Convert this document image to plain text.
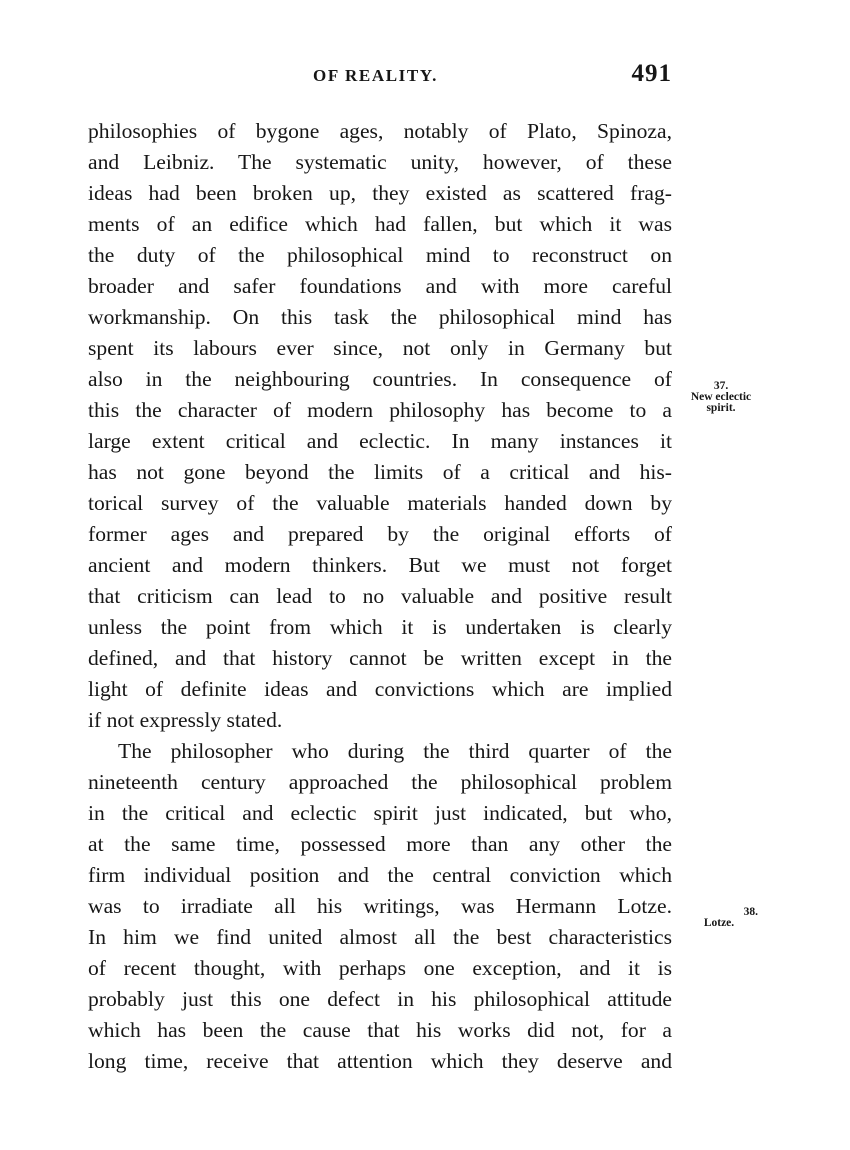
OF REALITY.	491
philosophies of bygone ages, notably of Plato, Spinoza,
and Leibniz. The systematic unity, however, of these
ideas had been broken up, they existed as scattered frag-
ments of an edifice which had fallen, but which it was
the duty of the philosophical mind to reconstruct on
broader and safer foundations and with more careful
workmanship. On this task the philosophical mind has
spent its labours ever since, not only in Germany but
also in the neighbouring countries. In consequence of
this the character of modern philosophy has become to a
large extent critical and eclectic. In many instances it
has not gone beyond the limits of a critical and his-
torical survey of the valuable materials handed down by
former ages and prepared by the original efforts of
ancient and modern thinkers. But we must not forget
that criticism can lead to no valuable and positive result
unless the point from which it is undertaken is clearly
defined, and that history cannot be written except in the
light of definite ideas and convictions which are implied
if not expressly stated.
The philosopher who during the third quarter of the
nineteenth century approached the philosophical problem
in the critical and eclectic spirit just indicated, but who,
at the same time, possessed more than any other the
firm individual position and the central conviction which
was to irradiate all his writings, was Hermann Lotze.
In him we find united almost all the best characteristics
of recent thought, with perhaps one exception, and it is
probably just this one defect in his philosophical attitude
which has been the cause that his works did not, for a
long time, receive that attention which they deserve and
37.
New eclectic
spirit.
38.
Lotze.
